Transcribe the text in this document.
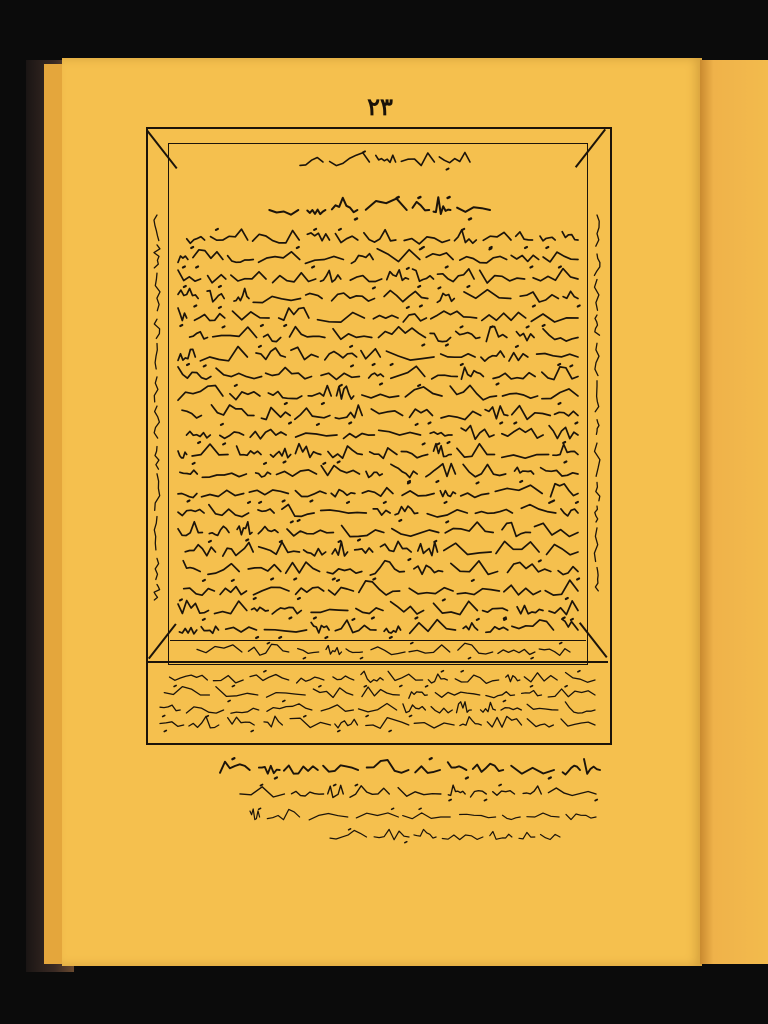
٢٣
